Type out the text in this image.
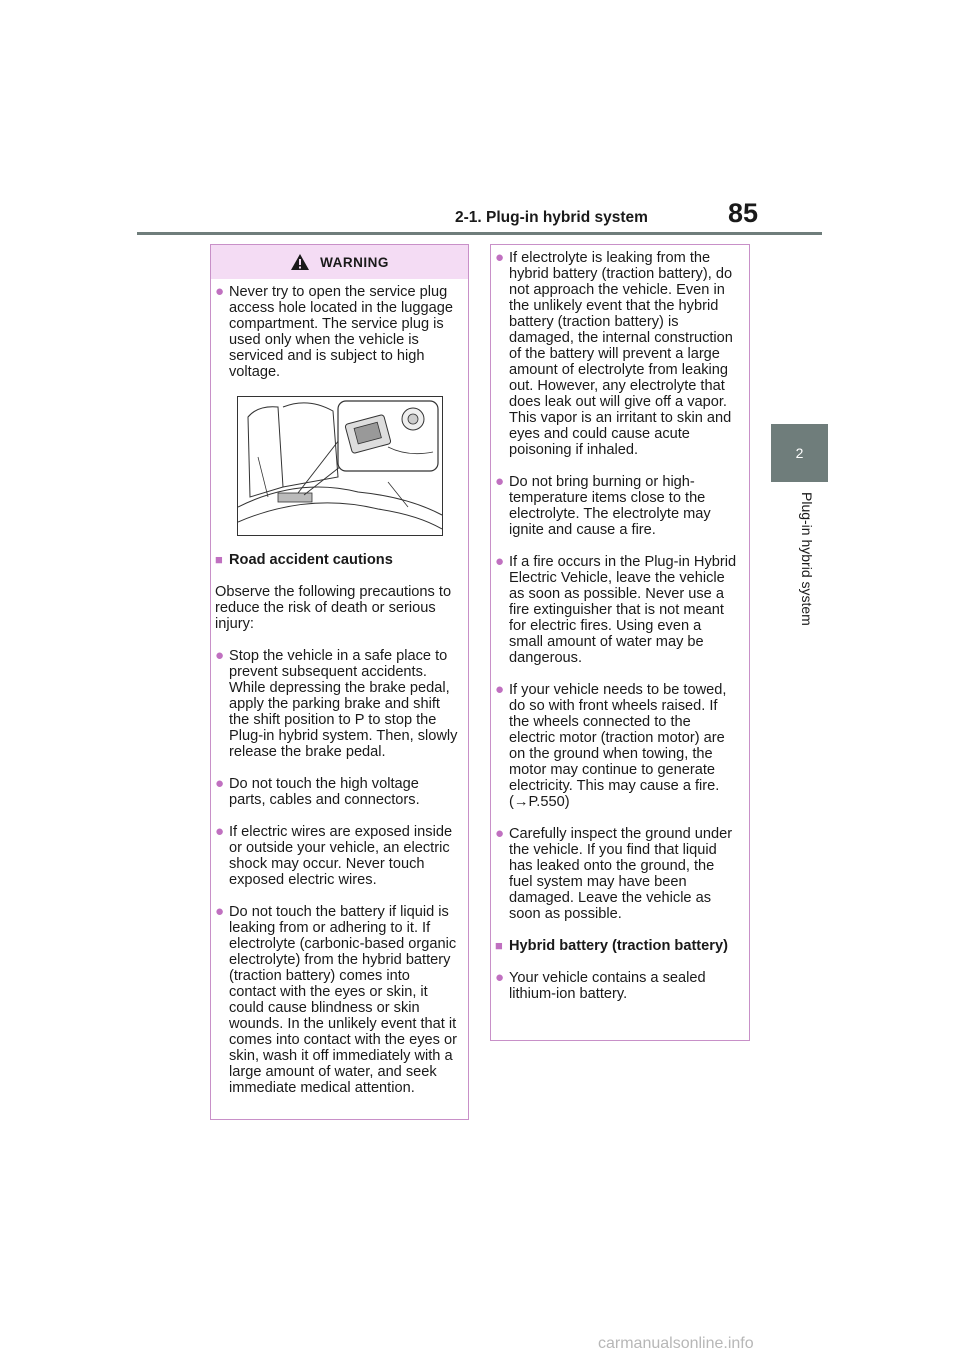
2-1. Plug-in hybrid system	85
2
Plug-in hybrid system
WARNING
● Never try to open the service plug access hole located in the luggage compartment. The service plug is used only when the vehicle is serviced and is subject to high voltage.
■ Road accident cautions
Observe the following precautions to reduce the risk of death or serious injury:
● Stop the vehicle in a safe place to prevent subsequent accidents. While depressing the brake pedal, apply the parking brake and shift the shift position to P to stop the Plug-in hybrid system. Then, slowly release the brake pedal.
● Do not touch the high voltage parts, cables and connectors.
● If electric wires are exposed inside or outside your vehicle, an electric shock may occur. Never touch exposed electric wires.
● Do not touch the battery if liquid is leaking from or adhering to it. If electrolyte (carbonic-based organic electrolyte) from the hybrid battery (traction battery) comes into contact with the eyes or skin, it could cause blindness or skin wounds. In the unlikely event that it comes into contact with the eyes or skin, wash it off immediately with a large amount of water, and seek immediate medical attention.
● If electrolyte is leaking from the hybrid battery (traction battery), do not approach the vehicle. Even in the unlikely event that the hybrid battery (traction battery) is damaged, the internal construction of the battery will prevent a large amount of electrolyte from leaking out. However, any electrolyte that does leak out will give off a vapor. This vapor is an irritant to skin and eyes and could cause acute poisoning if inhaled.
● Do not bring burning or high-temperature items close to the electrolyte. The electrolyte may ignite and cause a fire.
● If a fire occurs in the Plug-in Hybrid Electric Vehicle, leave the vehicle as soon as possible. Never use a fire extinguisher that is not meant for electric fires. Using even a small amount of water may be dangerous.
● If your vehicle needs to be towed, do so with front wheels raised. If the wheels connected to the electric motor (traction motor) are on the ground when towing, the motor may continue to generate electricity. This may cause a fire. (→P.550)
● Carefully inspect the ground under the vehicle. If you find that liquid has leaked onto the ground, the fuel system may have been damaged. Leave the vehicle as soon as possible.
■ Hybrid battery (traction battery)
● Your vehicle contains a sealed lithium-ion battery.
carmanualsonline.info
